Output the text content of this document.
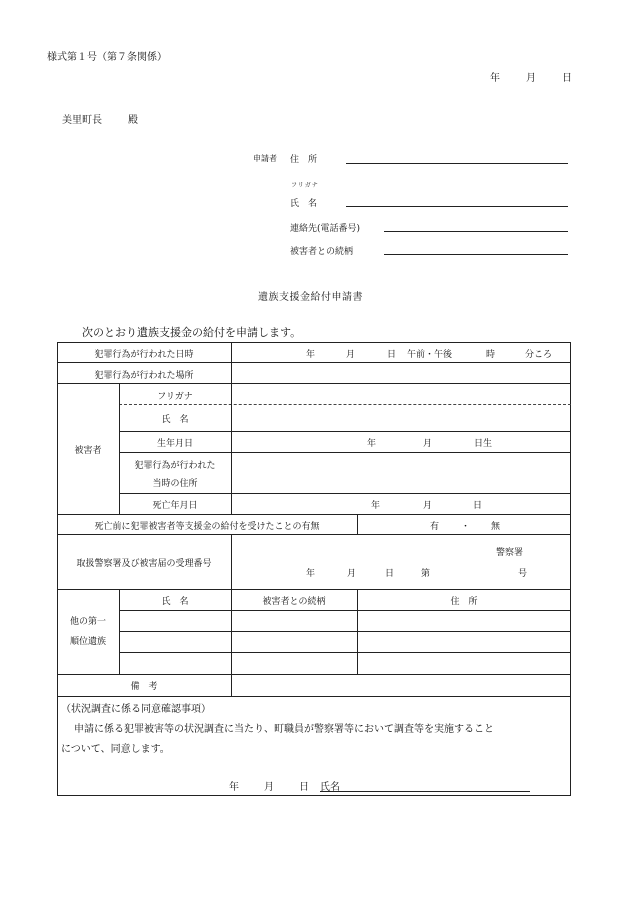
様式第１号（第７条関係）
年	月	日
美里町長	殿
申請者 住　所
フリガナ
氏　名
連絡先(電話番号)
被害者との続柄
遺族支援金給付申請書
次のとおり遺族支援金の給付を申請します。
犯罪行為が行われた日時	年	月	日 午前・午後	時	分ころ
犯罪行為が行われた場所
被害者
フリガナ
氏　名
生年月日	年	月	日生
犯罪行為が行われた
当時の住所
死亡年月日	年	月	日
死亡前に犯罪被害者等支援金の給付を受けたことの有無	有 ・ 無
取扱警察署及び被害届の受理番号
警察署
年	月	日	第	号
他の第一
順位遺族
氏　名	被害者との続柄	住　所
備　考
（状況調査に係る同意確認事項）
申請に係る犯罪被害等の状況調査に当たり、町職員が警察署等において調査等を実施すること
について、同意します。
年	月	日 氏名
